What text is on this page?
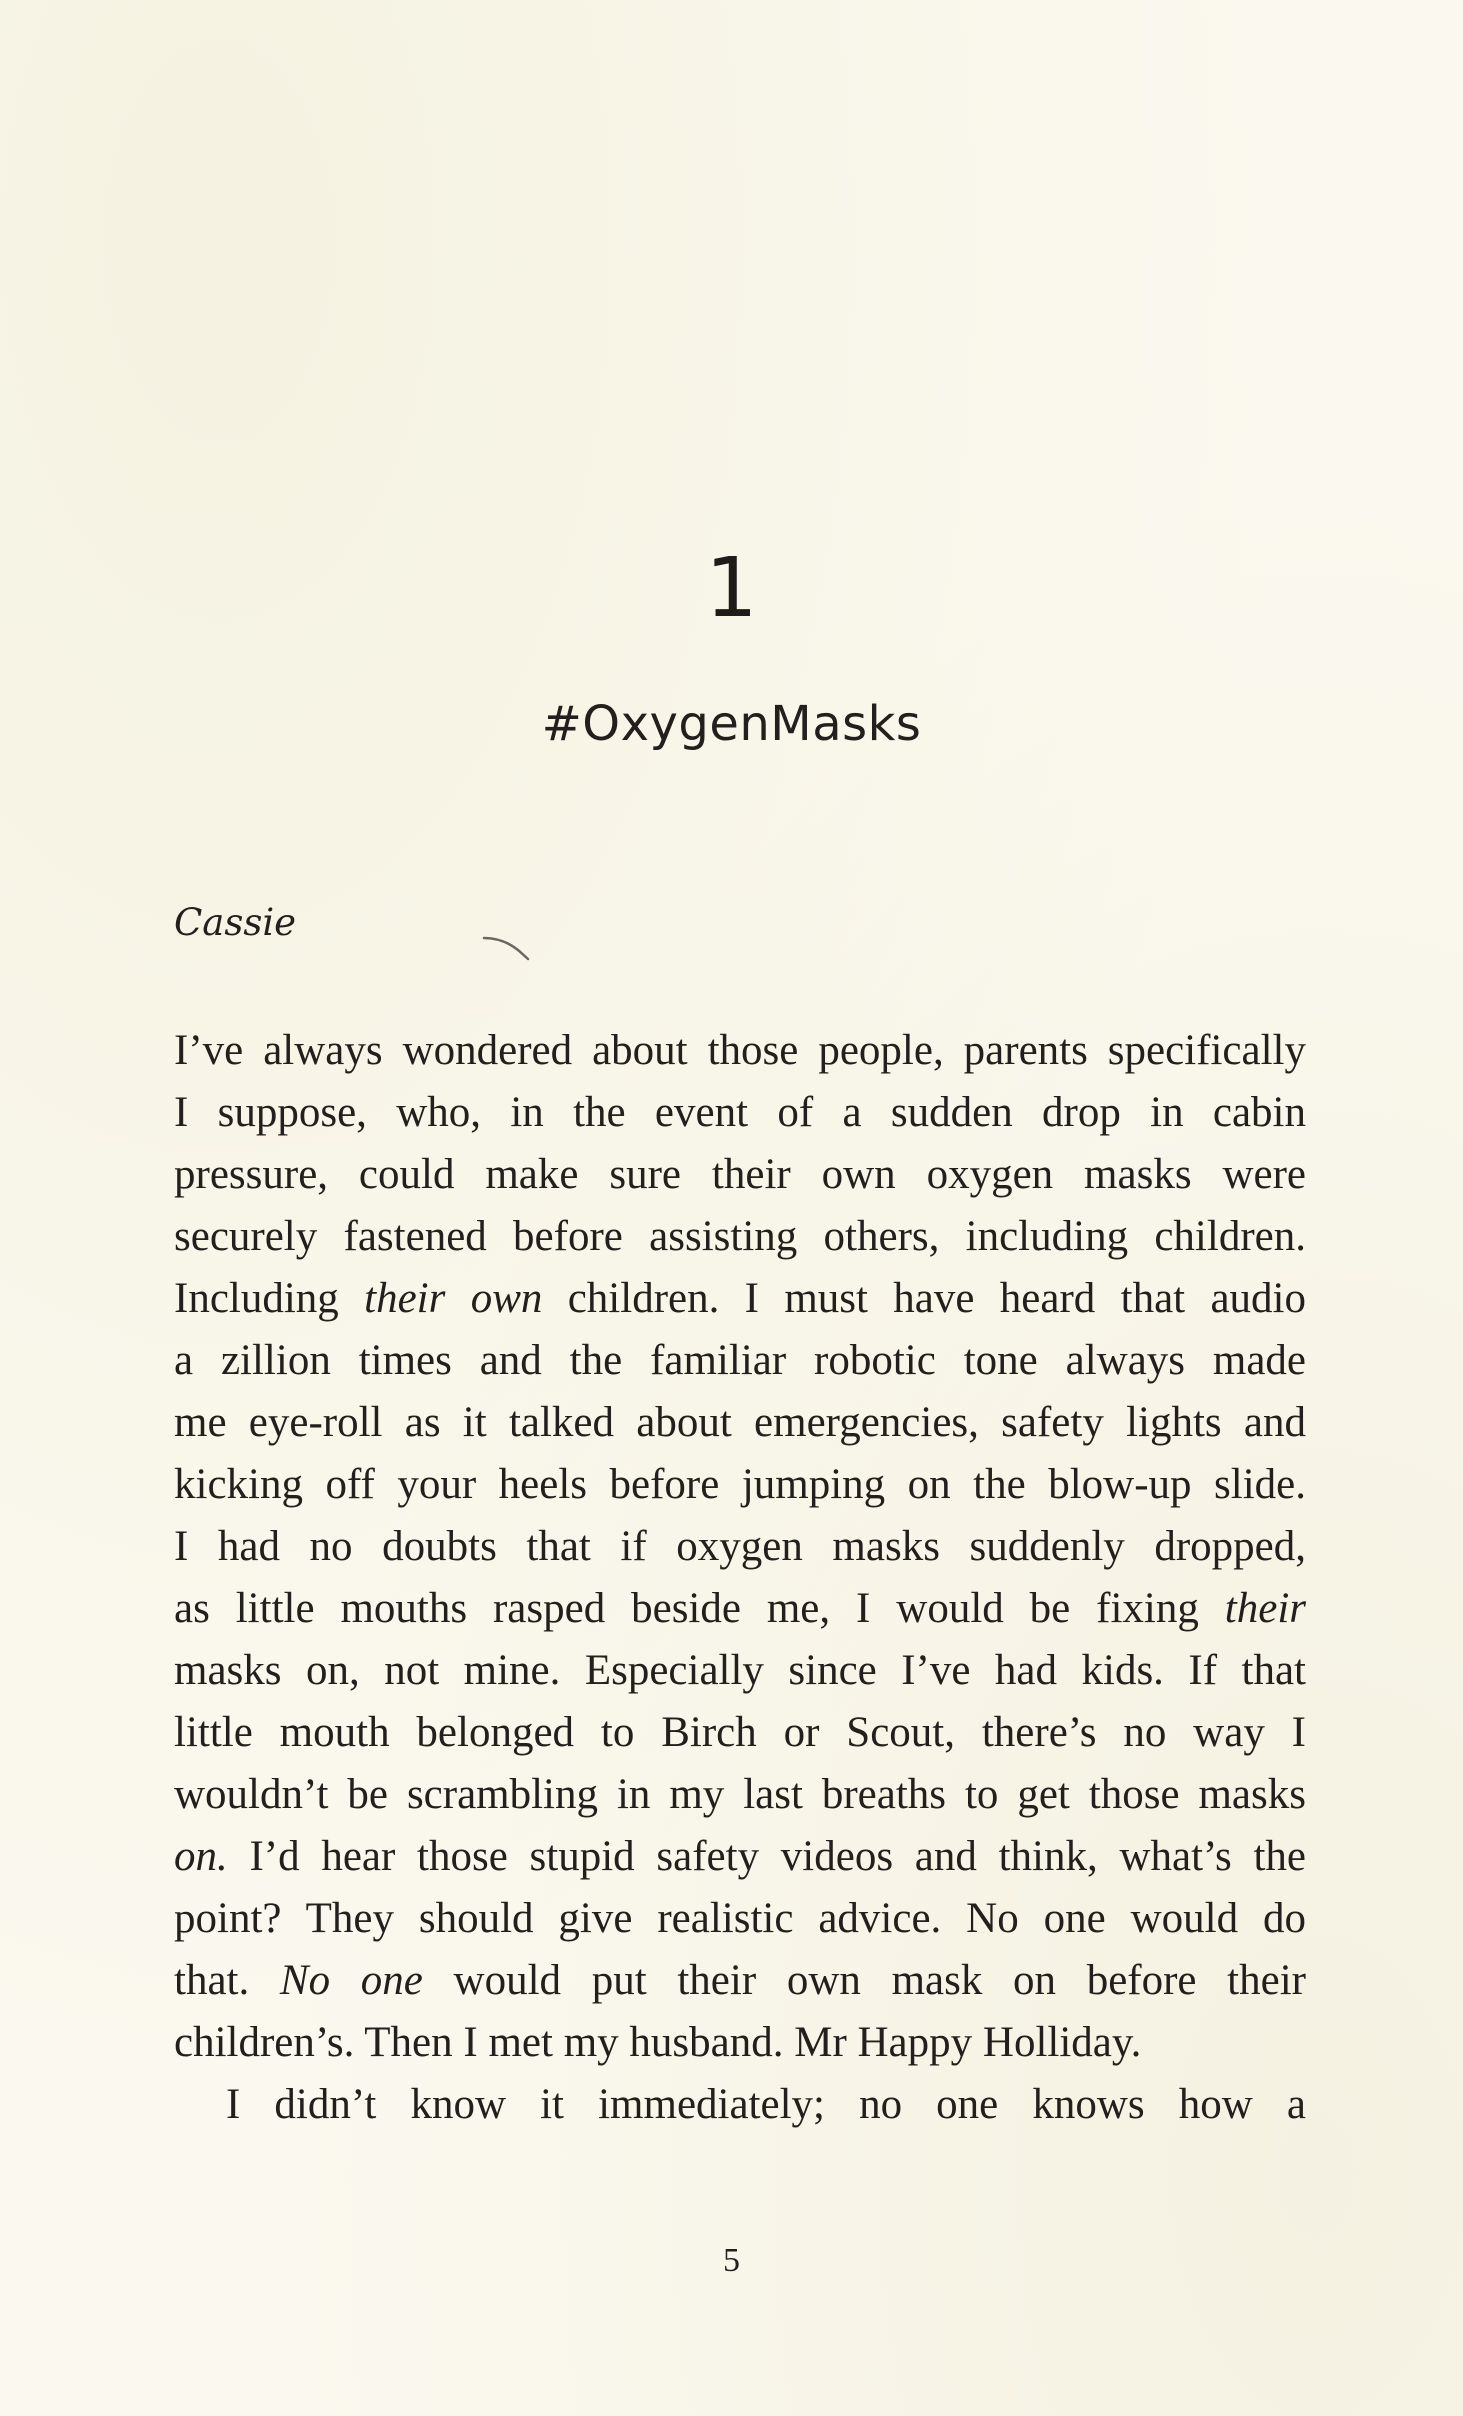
1
#OxygenMasks
Cassie
I’ve always wondered about those people, parents specifically
I suppose, who, in the event of a sudden drop in cabin
pressure, could make sure their own oxygen masks were
securely fastened before assisting others, including children.
Including their own children. I must have heard that audio
a zillion times and the familiar robotic tone always made
me eye-roll as it talked about emergencies, safety lights and
kicking off your heels before jumping on the blow-up slide.
I had no doubts that if oxygen masks suddenly dropped,
as little mouths rasped beside me, I would be fixing their
masks on, not mine. Especially since I’ve had kids. If that
little mouth belonged to Birch or Scout, there’s no way I
wouldn’t be scrambling in my last breaths to get those masks
on. I’d hear those stupid safety videos and think, what’s the
point? They should give realistic advice. No one would do
that. No one would put their own mask on before their
children’s. Then I met my husband. Mr Happy Holliday.
I didn’t know it immediately; no one knows how a
5
